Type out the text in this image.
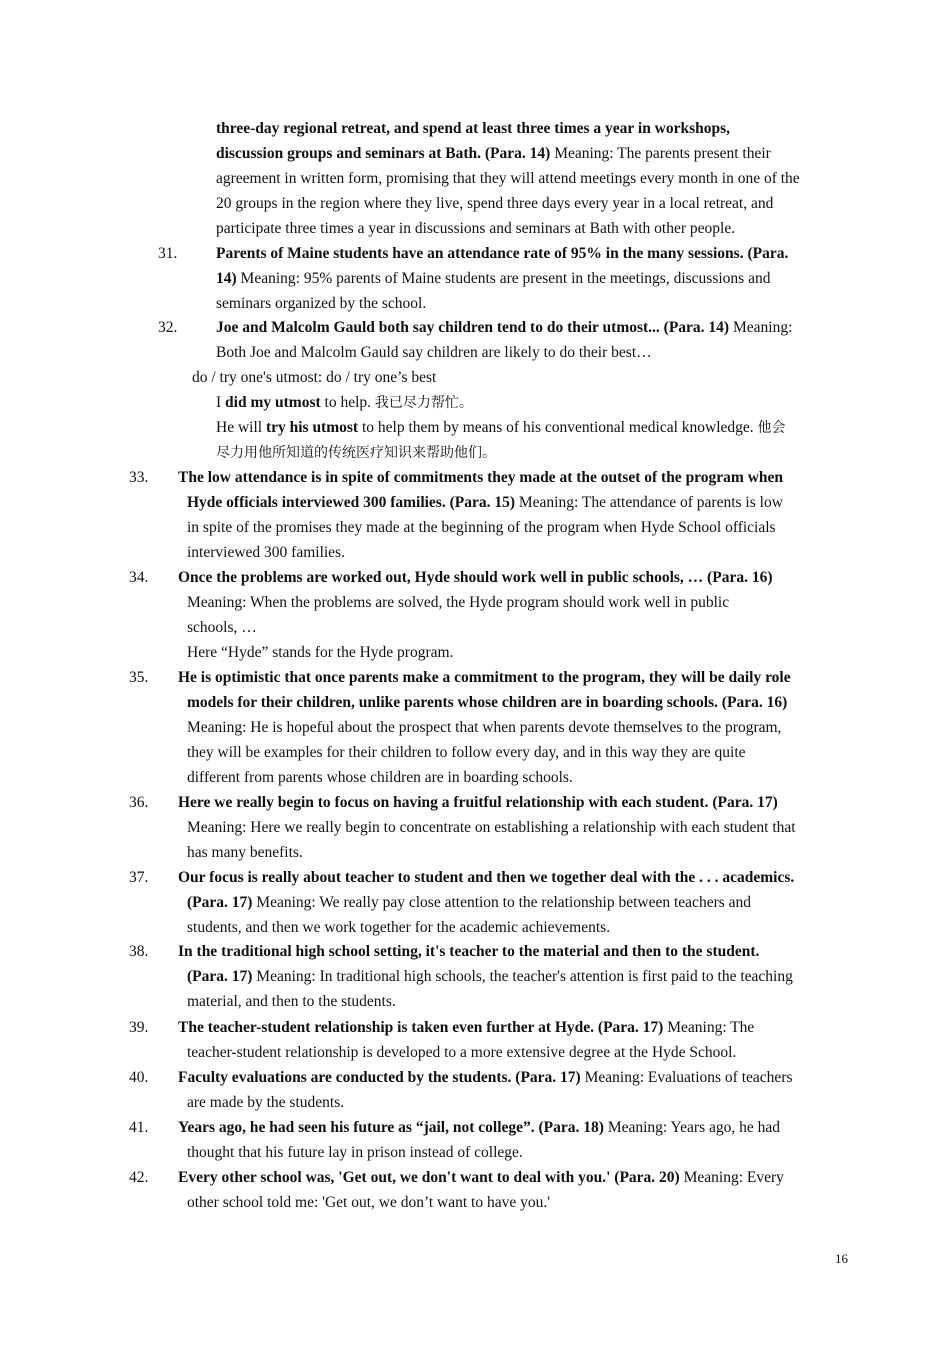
three-day regional retreat, and spend at least three times a year in workshops,
discussion groups and seminars at Bath. (Para. 14) Meaning: The parents present their
agreement in written form, promising that they will attend meetings every month in one of the
20 groups in the region where they live, spend three days every year in a local retreat, and
participate three times a year in discussions and seminars at Bath with other people.
31. Parents of Maine students have an attendance rate of 95% in the many sessions. (Para.
14) Meaning: 95% parents of Maine students are present in the meetings, discussions and
seminars organized by the school.
32. Joe and Malcolm Gauld both say children tend to do their utmost... (Para. 14) Meaning:
Both Joe and Malcolm Gauld say children are likely to do their best…
do / try one's utmost: do / try one’s best
I did my utmost to help. 我已尽力帮忙。
He will try his utmost to help them by means of his conventional medical knowledge. 他会
尽力用他所知道的传统医疗知识来帮助他们。
33. The low attendance is in spite of commitments they made at the outset of the program when
Hyde officials interviewed 300 families. (Para. 15) Meaning: The attendance of parents is low
in spite of the promises they made at the beginning of the program when Hyde School officials
interviewed 300 families.
34. Once the problems are worked out, Hyde should work well in public schools, … (Para. 16)
Meaning: When the problems are solved, the Hyde program should work well in public
schools, …
Here “Hyde” stands for the Hyde program.
35. He is optimistic that once parents make a commitment to the program, they will be daily role
models for their children, unlike parents whose children are in boarding schools. (Para. 16)
Meaning: He is hopeful about the prospect that when parents devote themselves to the program,
they will be examples for their children to follow every day, and in this way they are quite
different from parents whose children are in boarding schools.
36. Here we really begin to focus on having a fruitful relationship with each student. (Para. 17)
Meaning: Here we really begin to concentrate on establishing a relationship with each student that
has many benefits.
37. Our focus is really about teacher to student and then we together deal with the . . . academics.
(Para. 17) Meaning: We really pay close attention to the relationship between teachers and
students, and then we work together for the academic achievements.
38. In the traditional high school setting, it's teacher to the material and then to the student.
(Para. 17) Meaning: In traditional high schools, the teacher's attention is first paid to the teaching
material, and then to the students.
39. The teacher-student relationship is taken even further at Hyde. (Para. 17) Meaning: The
teacher-student relationship is developed to a more extensive degree at the Hyde School.
40. Faculty evaluations are conducted by the students. (Para. 17) Meaning: Evaluations of teachers
are made by the students.
41. Years ago, he had seen his future as “jail, not college”. (Para. 18) Meaning: Years ago, he had
thought that his future lay in prison instead of college.
42. Every other school was, 'Get out, we don't want to deal with you.' (Para. 20) Meaning: Every
other school told me: 'Get out, we don’t want to have you.'
16
